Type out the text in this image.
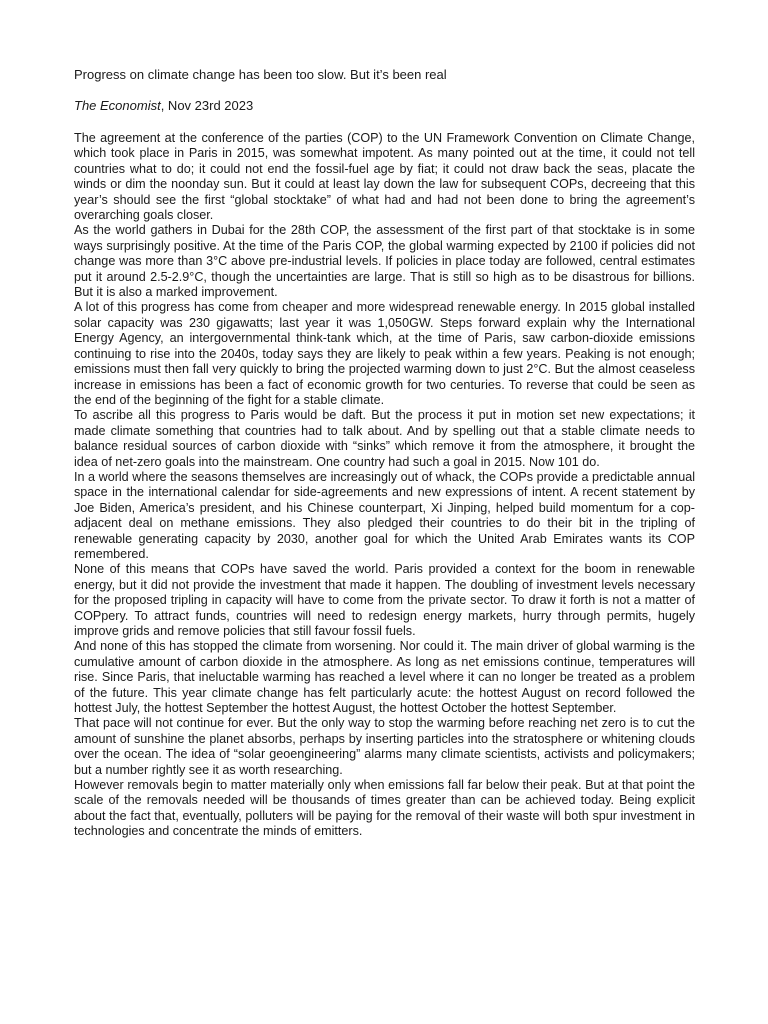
Progress on climate change has been too slow. But it’s been real

The Economist, Nov 23rd 2023

The agreement at the conference of the parties (COP) to the UN Framework Convention on Climate Change, which took place in Paris in 2015, was somewhat impotent. As many pointed out at the time, it could not tell countries what to do; it could not end the fossil-fuel age by fiat; it could not draw back the seas, placate the winds or dim the noonday sun. But it could at least lay down the law for subsequent COPs, decreeing that this year’s should see the first “global stocktake” of what had and had not been done to bring the agreement’s overarching goals closer.

As the world gathers in Dubai for the 28th COP, the assessment of the first part of that stocktake is in some ways surprisingly positive. At the time of the Paris COP, the global warming expected by 2100 if policies did not change was more than 3°C above pre-industrial levels. If policies in place today are followed, central estimates put it around 2.5-2.9°C, though the uncertainties are large. That is still so high as to be disastrous for billions. But it is also a marked improvement.

A lot of this progress has come from cheaper and more widespread renewable energy. In 2015 global installed solar capacity was 230 gigawatts; last year it was 1,050GW. Steps forward explain why the International Energy Agency, an intergovernmental think-tank which, at the time of Paris, saw carbon-dioxide emissions continuing to rise into the 2040s, today says they are likely to peak within a few years. Peaking is not enough; emissions must then fall very quickly to bring the projected warming down to just 2°C. But the almost ceaseless increase in emissions has been a fact of economic growth for two centuries. To reverse that could be seen as the end of the beginning of the fight for a stable climate.

To ascribe all this progress to Paris would be daft. But the process it put in motion set new expectations; it made climate something that countries had to talk about. And by spelling out that a stable climate needs to balance residual sources of carbon dioxide with “sinks” which remove it from the atmosphere, it brought the idea of net-zero goals into the mainstream. One country had such a goal in 2015. Now 101 do.

In a world where the seasons themselves are increasingly out of whack, the COPs provide a predictable annual space in the international calendar for side-agreements and new expressions of intent. A recent statement by Joe Biden, America’s president, and his Chinese counterpart, Xi Jinping, helped build momentum for a cop-adjacent deal on methane emissions. They also pledged their countries to do their bit in the tripling of renewable generating capacity by 2030, another goal for which the United Arab Emirates wants its COP remembered.

None of this means that COPs have saved the world. Paris provided a context for the boom in renewable energy, but it did not provide the investment that made it happen. The doubling of investment levels necessary for the proposed tripling in capacity will have to come from the private sector. To draw it forth is not a matter of COPpery. To attract funds, countries will need to redesign energy markets, hurry through permits, hugely improve grids and remove policies that still favour fossil fuels.

And none of this has stopped the climate from worsening. Nor could it. The main driver of global warming is the cumulative amount of carbon dioxide in the atmosphere. As long as net emissions continue, temperatures will rise. Since Paris, that ineluctable warming has reached a level where it can no longer be treated as a problem of the future. This year climate change has felt particularly acute: the hottest August on record followed the hottest July, the hottest September the hottest August, the hottest October the hottest September.

That pace will not continue for ever. But the only way to stop the warming before reaching net zero is to cut the amount of sunshine the planet absorbs, perhaps by inserting particles into the stratosphere or whitening clouds over the ocean. The idea of “solar geoengineering” alarms many climate scientists, activists and policymakers; but a number rightly see it as worth researching.

However removals begin to matter materially only when emissions fall far below their peak. But at that point the scale of the removals needed will be thousands of times greater than can be achieved today. Being explicit about the fact that, eventually, polluters will be paying for the removal of their waste will both spur investment in technologies and concentrate the minds of emitters.
